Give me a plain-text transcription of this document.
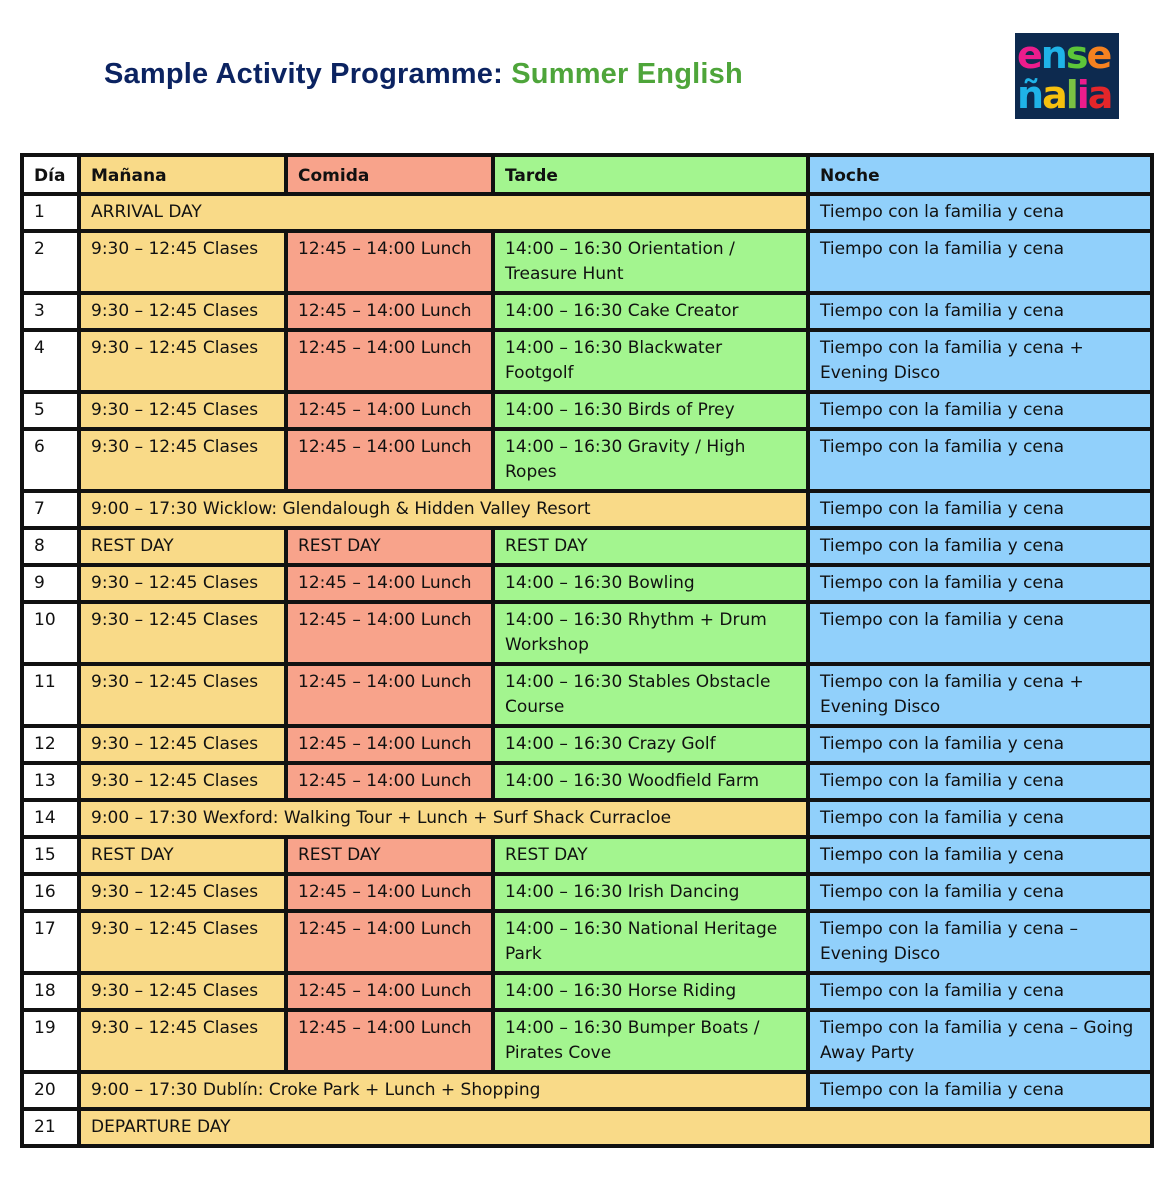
Sample Activity Programme: Summer English	ense
ñalia
Día	Mañana	Comida	Tarde	Noche
1	ARRIVAL DAY			Tiempo con la familia y cena
2	9:30 – 12:45 Clases	12:45 – 14:00 Lunch	14:00 – 16:30 Orientation / Treasure Hunt	Tiempo con la familia y cena
3	9:30 – 12:45 Clases	12:45 – 14:00 Lunch	14:00 – 16:30 Cake Creator	Tiempo con la familia y cena
4	9:30 – 12:45 Clases	12:45 – 14:00 Lunch	14:00 – 16:30 Blackwater Footgolf	Tiempo con la familia y cena + Evening Disco
5	9:30 – 12:45 Clases	12:45 – 14:00 Lunch	14:00 – 16:30 Birds of Prey	Tiempo con la familia y cena
6	9:30 – 12:45 Clases	12:45 – 14:00 Lunch	14:00 – 16:30 Gravity / High Ropes	Tiempo con la familia y cena
7	9:00 – 17:30 Wicklow: Glendalough & Hidden Valley Resort			Tiempo con la familia y cena
8	REST DAY	REST DAY	REST DAY	Tiempo con la familia y cena
9	9:30 – 12:45 Clases	12:45 – 14:00 Lunch	14:00 – 16:30 Bowling	Tiempo con la familia y cena
10	9:30 – 12:45 Clases	12:45 – 14:00 Lunch	14:00 – 16:30 Rhythm + Drum Workshop	Tiempo con la familia y cena
11	9:30 – 12:45 Clases	12:45 – 14:00 Lunch	14:00 – 16:30 Stables Obstacle Course	Tiempo con la familia y cena + Evening Disco
12	9:30 – 12:45 Clases	12:45 – 14:00 Lunch	14:00 – 16:30 Crazy Golf	Tiempo con la familia y cena
13	9:30 – 12:45 Clases	12:45 – 14:00 Lunch	14:00 – 16:30 Woodfield Farm	Tiempo con la familia y cena
14	9:00 – 17:30 Wexford: Walking Tour + Lunch + Surf Shack Curracloe			Tiempo con la familia y cena
15	REST DAY	REST DAY	REST DAY	Tiempo con la familia y cena
16	9:30 – 12:45 Clases	12:45 – 14:00 Lunch	14:00 – 16:30 Irish Dancing	Tiempo con la familia y cena
17	9:30 – 12:45 Clases	12:45 – 14:00 Lunch	14:00 – 16:30 National Heritage Park	Tiempo con la familia y cena – Evening Disco
18	9:30 – 12:45 Clases	12:45 – 14:00 Lunch	14:00 – 16:30 Horse Riding	Tiempo con la familia y cena
19	9:30 – 12:45 Clases	12:45 – 14:00 Lunch	14:00 – 16:30 Bumper Boats / Pirates Cove	Tiempo con la familia y cena – Going Away Party
20	9:00 – 17:30 Dublín: Croke Park + Lunch + Shopping			Tiempo con la familia y cena
21	DEPARTURE DAY			
